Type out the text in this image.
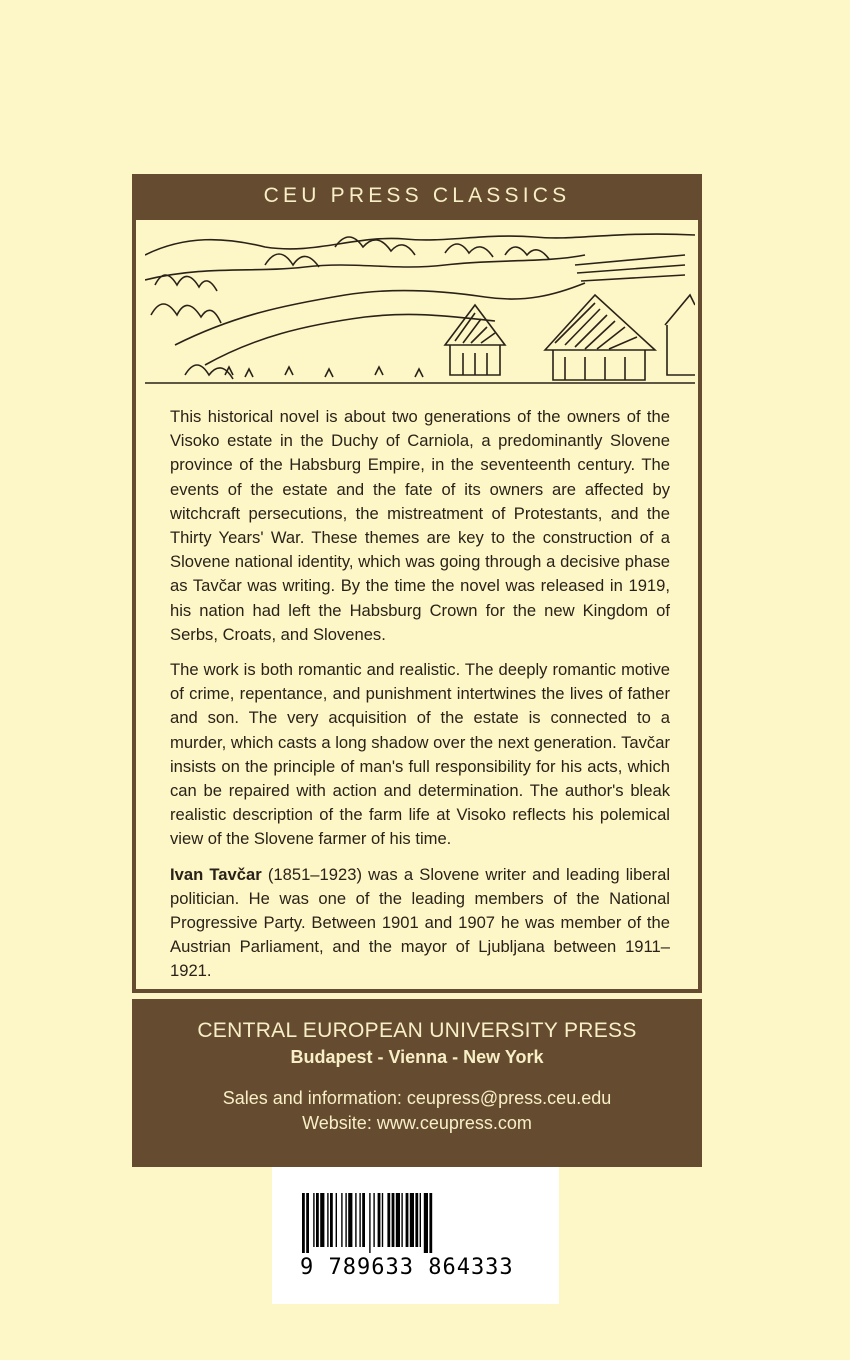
CEU PRESS CLASSICS

This historical novel is about two generations of the owners of the Visoko estate in the Duchy of Carniola, a predominantly Slovene province of the Habsburg Empire, in the seventeenth century. The events of the estate and the fate of its owners are affected by witchcraft persecutions, the mistreatment of Protestants, and the Thirty Years' War. These themes are key to the construction of a Slovene national identity, which was going through a decisive phase as Tavčar was writing. By the time the novel was released in 1919, his nation had left the Habsburg Crown for the new Kingdom of Serbs, Croats, and Slovenes.

The work is both romantic and realistic. The deeply romantic motive of crime, repentance, and punishment intertwines the lives of father and son. The very acquisition of the estate is connected to a murder, which casts a long shadow over the next generation. Tavčar insists on the principle of man's full responsibility for his acts, which can be repaired with action and determination. The author's bleak realistic description of the farm life at Visoko reflects his polemical view of the Slovene farmer of his time.

Ivan Tavčar (1851–1923) was a Slovene writer and leading liberal politician. He was one of the leading members of the National Progressive Party. Between 1901 and 1907 he was member of the Austrian Parliament, and the mayor of Ljubljana between 1911–1921.

CENTRAL EUROPEAN UNIVERSITY PRESS
Budapest - Vienna - New York
Sales and information: ceupress@press.ceu.edu
Website: www.ceupress.com
9 789633 864333
